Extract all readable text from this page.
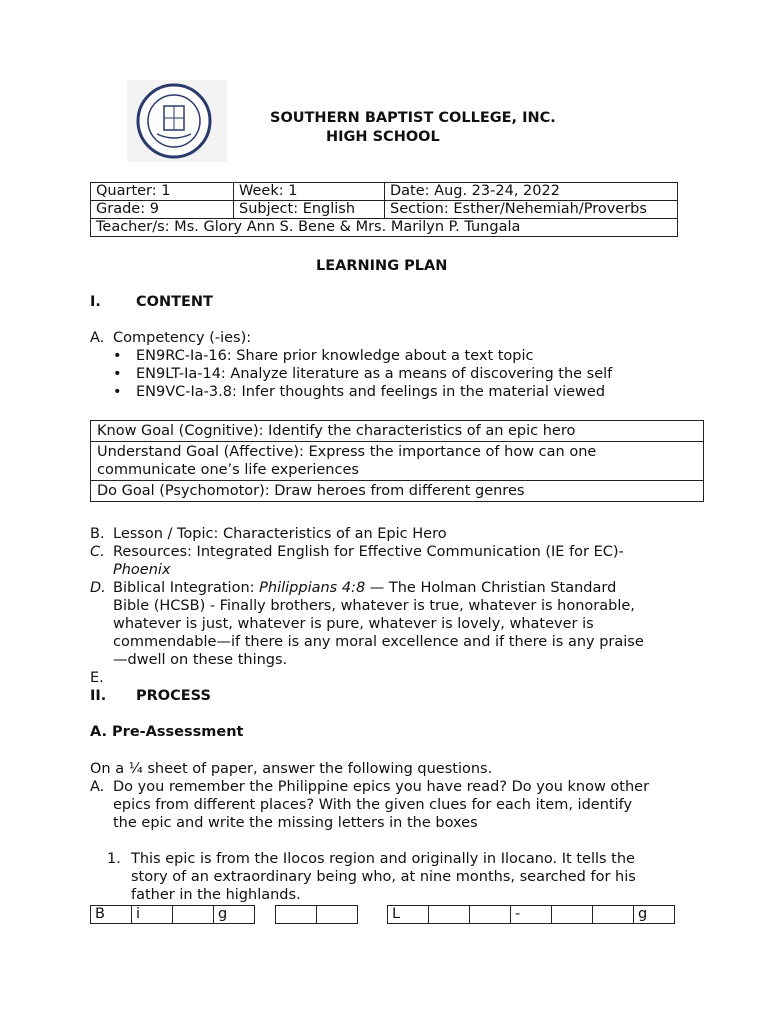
SOUTHERN BAPTIST COLLEGE, INC.
HIGH SCHOOL
Quarter: 1	Week: 1	Date: Aug. 23-24, 2022
Grade: 9	Subject: English	Section: Esther/Nehemiah/Proverbs
Teacher/s: Ms. Glory Ann S. Bene & Mrs. Marilyn P. Tungala		
LEARNING PLAN
I. CONTENT
A. Competency (-ies):
• EN9RC-Ia-16: Share prior knowledge about a text topic
• EN9LT-Ia-14: Analyze literature as a means of discovering the self
• EN9VC-Ia-3.8: Infer thoughts and feelings in the material viewed
Know Goal (Cognitive): Identify the characteristics of an epic hero

Understand Goal (Affective): Express the importance of how can one
communicate one’s life experiences

Do Goal (Psychomotor): Draw heroes from different genres
B. Lesson / Topic: Characteristics of an Epic Hero
C. Resources: Integrated English for Effective Communication (IE for EC)-
Phoenix
D. Biblical Integration: Philippians 4:8 — The Holman Christian Standard
Bible (HCSB) - Finally brothers, whatever is true, whatever is honorable,
whatever is just, whatever is pure, whatever is lovely, whatever is
commendable—if there is any moral excellence and if there is any praise
—dwell on these things.
E.
II. PROCESS
A. Pre-Assessment
On a ¼ sheet of paper, answer the following questions.
A. Do you remember the Philippine epics you have read? Do you know other
epics from different places? With the given clues for each item, identify
the epic and write the missing letters in the boxes
1. This epic is from the Ilocos region and originally in Ilocano. It tells the
story of an extraordinary being who, at nine months, searched for his
father in the highlands.
B	i		g
		L			-			g
